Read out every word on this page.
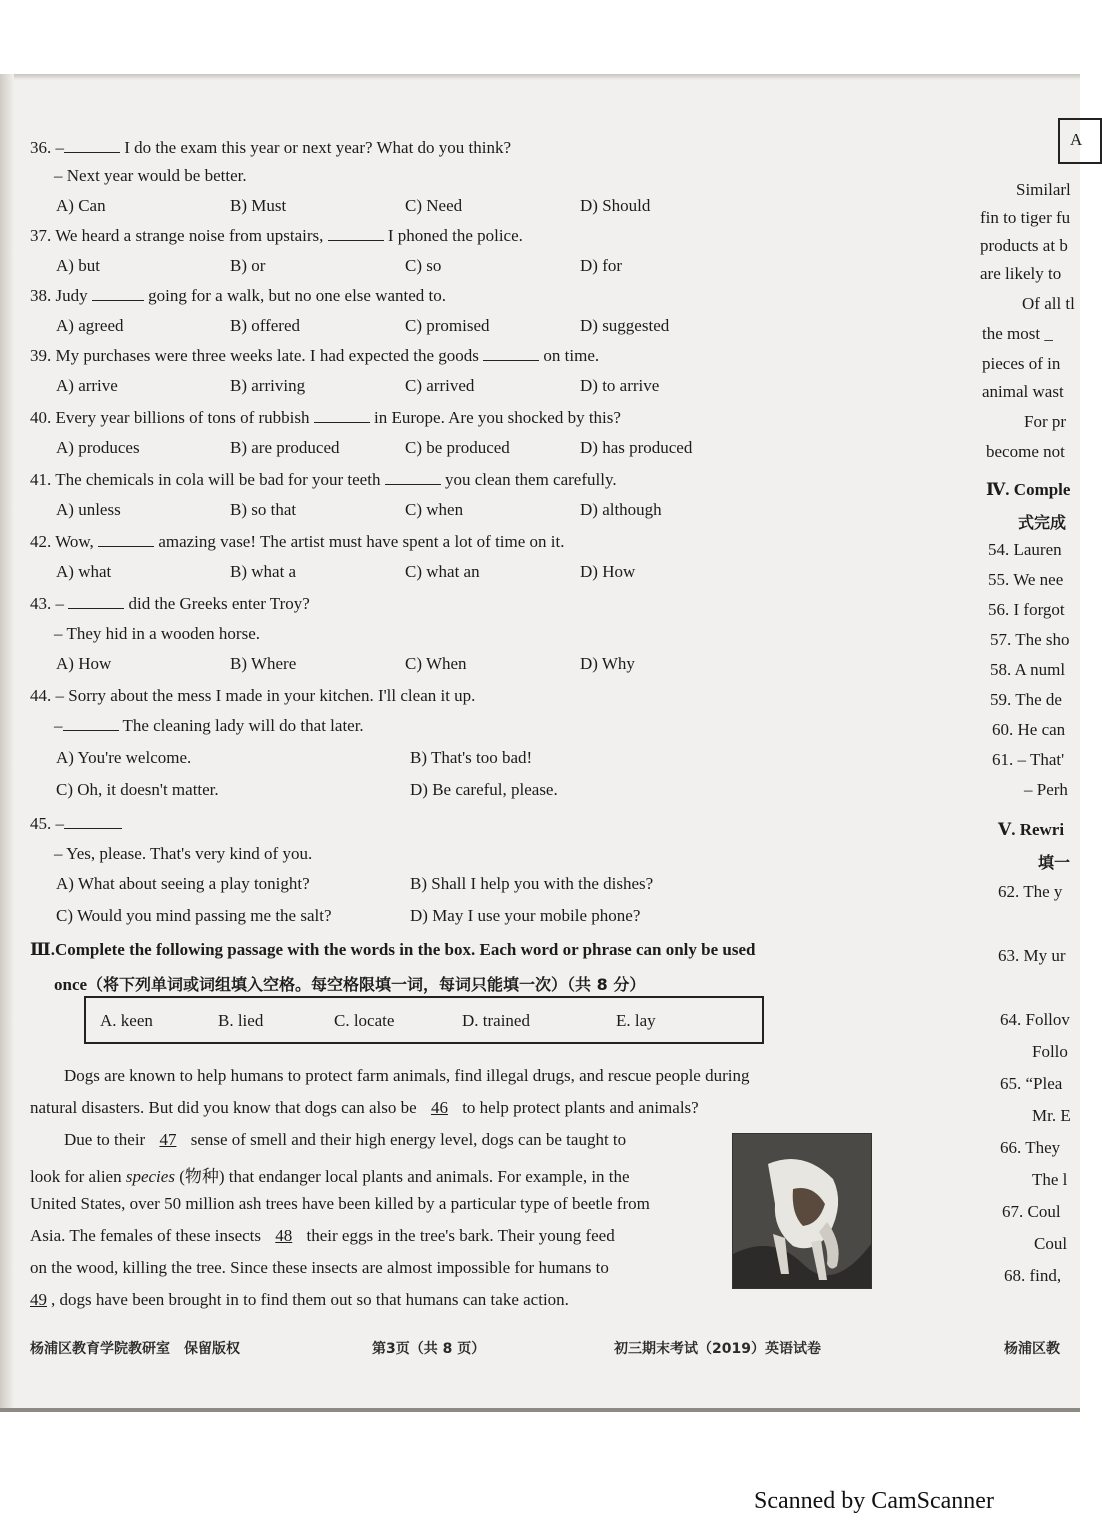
36. –	I do the exam this year or next year? What do you think?
– Next year would be better.
A) Can	B) Must	C) Need	D) Should
37. We heard a strange noise from upstairs,	I phoned the police.
A) but	B) or	C) so	D) for
38. Judy	going for a walk, but no one else wanted to.
A) agreed	B) offered	C) promised	D) suggested
39. My purchases were three weeks late. I had expected the goods	on time.
A) arrive	B) arriving	C) arrived	D) to arrive
40. Every year billions of tons of rubbish	in Europe. Are you shocked by this?
A) produces	B) are produced	C) be produced	D) has produced
41. The chemicals in cola will be bad for your teeth	you clean them carefully.
A) unless	B) so that	C) when	D) although
42. Wow,	amazing vase! The artist must have spent a lot of time on it.
A) what	B) what a	C) what an	D) How
43. –	did the Greeks enter Troy?
– They hid in a wooden horse.
A) How	B) Where	C) When	D) Why
44. – Sorry about the mess I made in your kitchen. I'll clean it up.
–	The cleaning lady will do that later.
A) You're welcome.	B) That's too bad!
C) Oh, it doesn't matter.	D) Be careful, please.
45. –
– Yes, please. That's very kind of you.
A) What about seeing a play tonight?	B) Shall I help you with the dishes?
C) Would you mind passing me the salt?	D) May I use your mobile phone?
Ⅲ.Complete the following passage with the words in the box. Each word or phrase can only be used
once（将下列单词或词组填入空格。每空格限填一词，每词只能填一次）（共 8 分）
A. keen	B. lied	C. locate	D. trained	E. lay
Dogs are known to help humans to protect farm animals, find illegal drugs, and rescue people during
natural disasters. But did you know that dogs can also be 46 to help protect plants and animals?
Due to their 47 sense of smell and their high energy level, dogs can be taught to
look for alien species (物种) that endanger local plants and animals. For example, in the
United States, over 50 million ash trees have been killed by a particular type of beetle from
Asia. The females of these insects 48 their eggs in the tree's bark. Their young feed
on the wood, killing the tree. Since these insects are almost impossible for humans to
49 , dogs have been brought in to find them out so that humans can take action.
杨浦区教育学院教研室　保留版权	第3页（共 8 页）	初三期末考试（2019）英语试卷
A
Similarl
fin to tiger fu
products at b
are likely to
Of all tl
the most _
pieces of in
animal wast
For pr
become not
Ⅳ. Comple
式完成
54. Lauren
55. We nee
56. I forgot
57. The sho
58. A numl
59. The de
60. He can
61. – That'
– Perh
Ⅴ. Rewri
填一
62. The y
63. My ur
64. Follov
Follo
65. “Plea
Mr. E
66. They
The l
67. Coul
Coul
68. find,
杨浦区教
Scanned by CamScanner
